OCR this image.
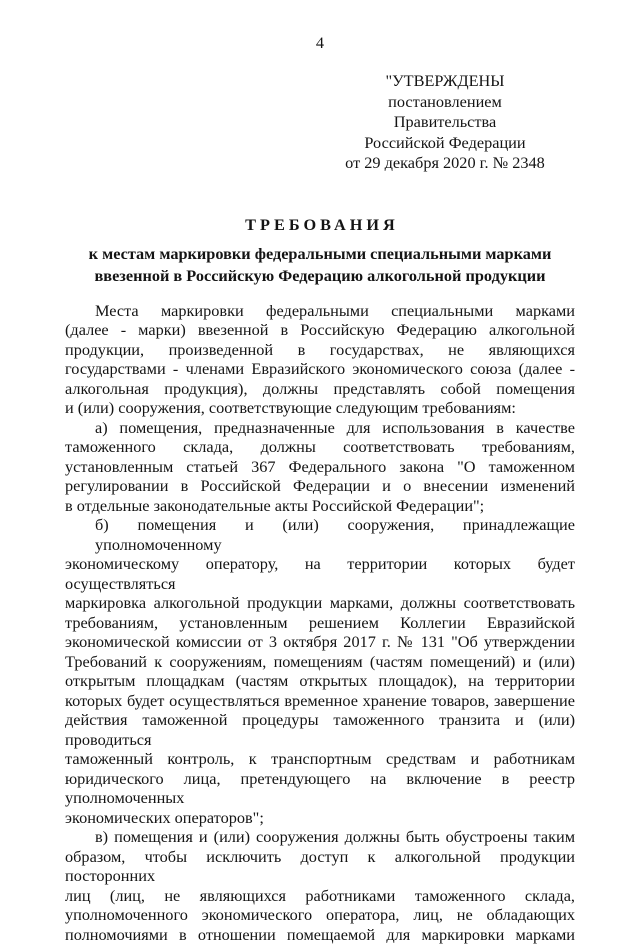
4
"УТВЕРЖДЕНЫ
постановлением Правительства
Российской Федерации
от 29 декабря 2020 г. № 2348
ТРЕБОВАНИЯ
к местам маркировки федеральными специальными марками
ввезенной в Российскую Федерацию алкогольной продукции
Места маркировки федеральными специальными марками
(далее - марки) ввезенной в Российскую Федерацию алкогольной
продукции, произведенной в государствах, не являющихся
государствами - членами Евразийского экономического союза (далее -
алкогольная продукция), должны представлять собой помещения
и (или) сооружения, соответствующие следующим требованиям:
а) помещения, предназначенные для использования в качестве
таможенного склада, должны соответствовать требованиям,
установленным статьей 367 Федерального закона "О таможенном
регулировании в Российской Федерации и о внесении изменений
в отдельные законодательные акты Российской Федерации";
б) помещения и (или) сооружения, принадлежащие уполномоченному
экономическому оператору, на территории которых будет осуществляться
маркировка алкогольной продукции марками, должны соответствовать
требованиям, установленным решением Коллегии Евразийской
экономической комиссии от 3 октября 2017 г. № 131 "Об утверждении
Требований к сооружениям, помещениям (частям помещений) и (или)
открытым площадкам (частям открытых площадок), на территории
которых будет осуществляться временное хранение товаров, завершение
действия таможенной процедуры таможенного транзита и (или) проводиться
таможенный контроль, к транспортным средствам и работникам
юридического лица, претендующего на включение в реестр уполномоченных
экономических операторов";
в) помещения и (или) сооружения должны быть обустроены таким
образом, чтобы исключить доступ к алкогольной продукции посторонних
лиц (лиц, не являющихся работниками таможенного склада,
уполномоченного экономического оператора, лиц, не обладающих
полномочиями в отношении помещаемой для маркировки марками
